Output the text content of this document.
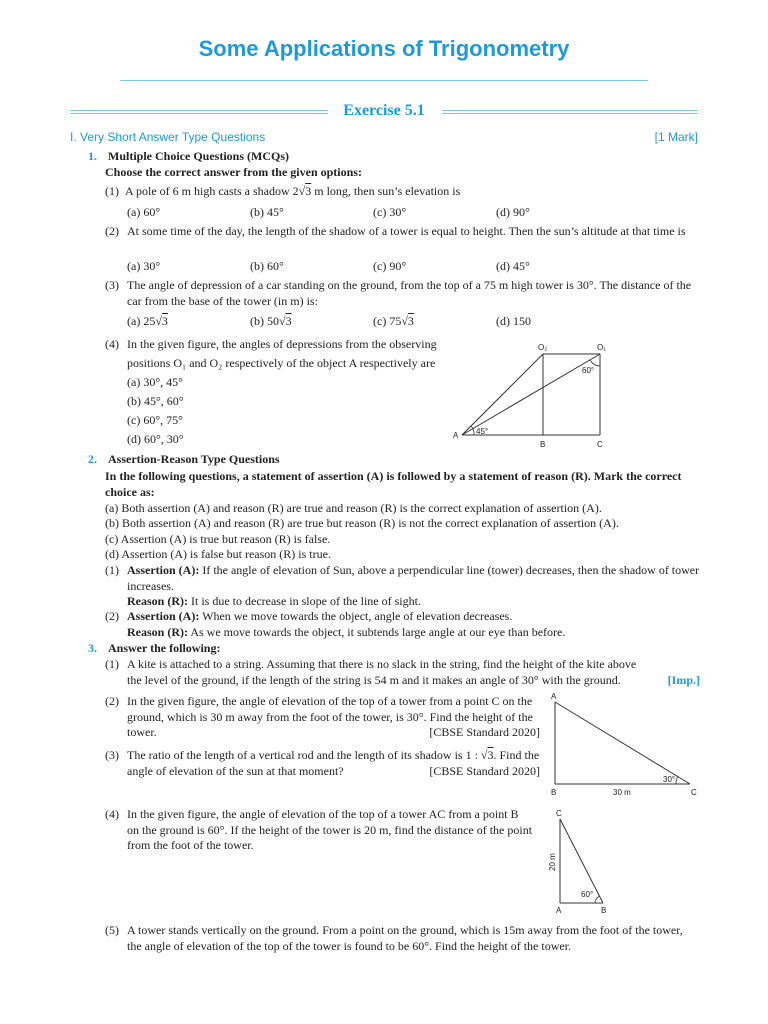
Some Applications of Trigonometry
Exercise 5.1
I. Very Short Answer Type Questions	[1 Mark]
1. Multiple Choice Questions (MCQs)
Choose the correct answer from the given options:
(1) A pole of 6 m high casts a shadow 2√3 m long, then sun’s elevation is
(a) 60°	(b) 45°	(c) 30°	(d) 90°
(2) At some time of the day, the length of the shadow of a tower is equal to height. Then the sun’s altitude at that time is
(a) 30°	(b) 60°	(c) 90°	(d) 45°
(3) The angle of depression of a car standing on the ground, from the top of a 75 m high tower is 30°. The distance of the car from the base of the tower (in m) is:
(a) 25√3	(b) 50√3	(c) 75√3	(d) 150
(4) In the given figure, the angles of depressions from the observing
positions O₁ and O₂ respectively of the object A respectively are
(a) 30°, 45°
(b) 45°, 60°
(c) 60°, 75°
(d) 60°, 30°
O₂	O₁
60°
45°
A
B	C
2. Assertion-Reason Type Questions
In the following questions, a statement of assertion (A) is followed by a statement of reason (R). Mark the correct choice as:
(a) Both assertion (A) and reason (R) are true and reason (R) is the correct explanation of assertion (A).
(b) Both assertion (A) and reason (R) are true but reason (R) is not the correct explanation of assertion (A).
(c) Assertion (A) is true but reason (R) is false.
(d) Assertion (A) is false but reason (R) is true.
(1) Assertion (A): If the angle of elevation of Sun, above a perpendicular line (tower) decreases, then the shadow of tower increases.
Reason (R): It is due to decrease in slope of the line of sight.
(2) Assertion (A): When we move towards the object, angle of elevation decreases.
Reason (R): As we move towards the object, it subtends large angle at our eye than before.
3. Answer the following:
(1) A kite is attached to a string. Assuming that there is no slack in the string, find the height of the kite above the level of the ground, if the length of the string is 54 m and it makes an angle of 30° with the ground.	[Imp.]
(2) In the given figure, the angle of elevation of the top of a tower from a point C on the ground, which is 30 m away from the foot of the tower, is 30°. Find the height of the tower.	[CBSE Standard 2020]
(3) The ratio of the length of a vertical rod and the length of its shadow is 1 : √3. Find the angle of elevation of the sun at that moment?	[CBSE Standard 2020]
A
B	C
30 m
30°
(4) In the given figure, the angle of elevation of the top of a tower AC from a point B on the ground is 60°. If the height of the tower is 20 m, find the distance of the point from the foot of the tower.
C
A	B
20 m
60°
(5) A tower stands vertically on the ground. From a point on the ground, which is 15m away from the foot of the tower, the angle of elevation of the top of the tower is found to be 60°. Find the height of the tower.
